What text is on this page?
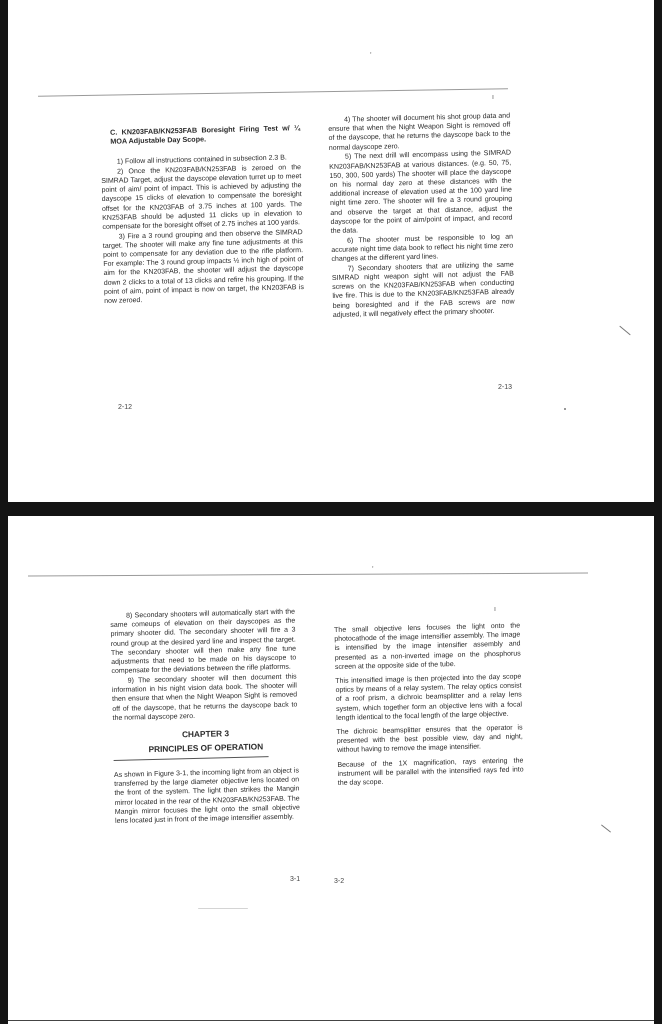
ı
‚

C. KN203FAB/KN253FAB Boresight Firing Test w/ ¼ MOA Adjustable Day Scope.

1) Follow all instructions contained in subsection 2.3 B.

2) Once the KN203FAB/KN253FAB is zeroed on the SIMRAD Target, adjust the dayscope elevation turret up to meet point of aim/ point of impact. This is achieved by adjusting the dayscope 15 clicks of elevation to compensate the boresight offset for the KN203FAB of 3.75 inches at 100 yards. The KN253FAB should be adjusted 11 clicks up in elevation to compensate for the boresight offset of 2.75 inches at 100 yards.

3) Fire a 3 round grouping and then observe the SIMRAD target. The shooter will make any fine tune adjustments at this point to compensate for any deviation due to the rifle platform. For example: The 3 round group impacts ½ inch high of point of aim for the KN203FAB, the shooter will adjust the dayscope down 2 clicks to a total of 13 clicks and refire his grouping. If the point of aim, point of impact is now on target, the KN203FAB is now zeroed.

2-12

4) The shooter will document his shot group data and ensure that when the Night Weapon Sight is removed off of the dayscope, that he returns the dayscope back to the normal dayscope zero.

5) The next drill will encompass using the SIMRAD KN203FAB/KN253FAB at various distances. (e.g. 50, 75, 150, 300, 500 yards) The shooter will place the dayscope on his normal day zero at these distances with the additional increase of elevation used at the 100 yard line night time zero. The shooter will fire a 3 round grouping and observe the target at that distance, adjust the dayscope for the point of aim/point of impact, and record the data.

6) The shooter must be responsible to log an accurate night time data book to reflect his night time zero changes at the different yard lines.

7) Secondary shooters that are utilizing the same SIMRAD night weapon sight will not adjust the FAB screws on the KN203FAB/KN253FAB when conducting live fire. This is due to the KN203FAB/KN253FAB already being boresighted and if the FAB screws are now adjusted, it will negatively effect the primary shooter.

2-13
ı
‚

8) Secondary shooters will automatically start with the same comeups of elevation on their dayscopes as the primary shooter did. The secondary shooter will fire a 3 round group at the desired yard line and inspect the target. The secondary shooter will then make any fine tune adjustments that need to be made on his dayscope to compensate for the deviations between the rifle platforms.

9) The secondary shooter will then document this information in his night vision data book. The shooter will then ensure that when the Night Weapon Sight is removed off of the dayscope, that he returns the dayscope back to the normal dayscope zero.

CHAPTER 3
PRINCIPLES OF OPERATION

As shown in Figure 3-1, the incoming light from an object is transferred by the large diameter objective lens located on the front of the system. The light then strikes the Mangin mirror located in the rear of the KN203FAB/KN253FAB. The Mangin mirror focuses the light onto the small objective lens located just in front of the image intensifier assembly.

3-1

The small objective lens focuses the light onto the photocathode of the image intensifier assembly. The image is intensified by the image intensifier assembly and presented as a non-inverted image on the phosphorus screen at the opposite side of the tube.

This intensified image is then projected into the day scope optics by means of a relay system. The relay optics consist of a roof prism, a dichroic beamsplitter and a relay lens system, which together form an objective lens with a focal length identical to the focal length of the large objective.

The dichroic beamsplitter ensures that the operator is presented with the best possible view, day and night, without having to remove the image intensifier.

Because of the 1X magnification, rays entering the instrument will be parallel with the intensified rays fed into the day scope.

3-2
